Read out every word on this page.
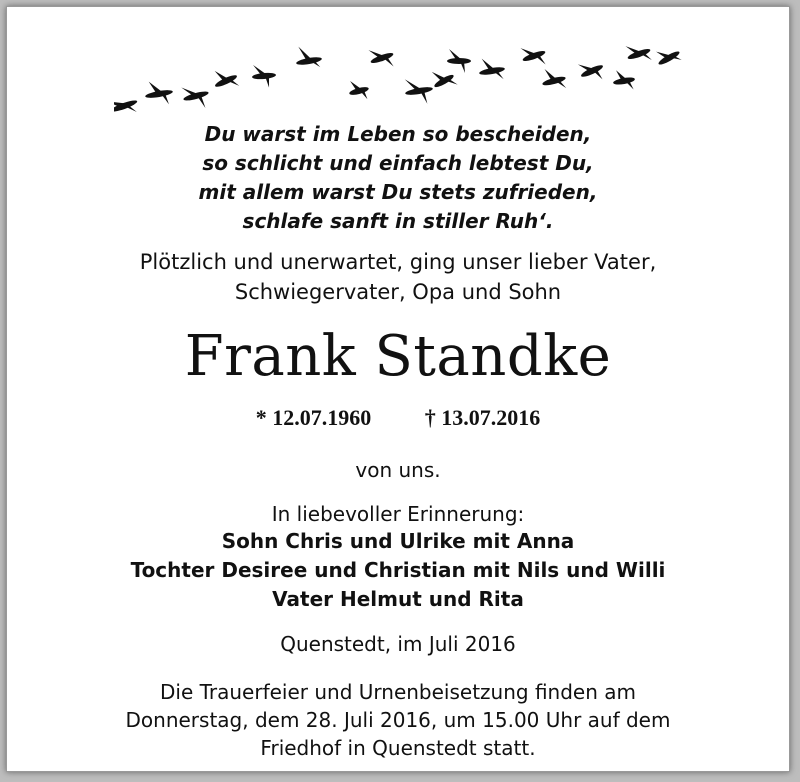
Du warst im Leben so bescheiden,
so schlicht und einfach lebtest Du,
mit allem warst Du stets zufrieden,
schlafe sanft in stiller Ruh‘.
Plötzlich und unerwartet, ging unser lieber Vater,
Schwiegervater, Opa und Sohn
Frank Standke
* 12.07.1960 † 13.07.2016
von uns.
In liebevoller Erinnerung:
Sohn Chris und Ulrike mit Anna
Tochter Desiree und Christian mit Nils und Willi
Vater Helmut und Rita
Quenstedt, im Juli 2016
Die Trauerfeier und Urnenbeisetzung finden am
Donnerstag, dem 28. Juli 2016, um 15.00 Uhr auf dem
Friedhof in Quenstedt statt.
